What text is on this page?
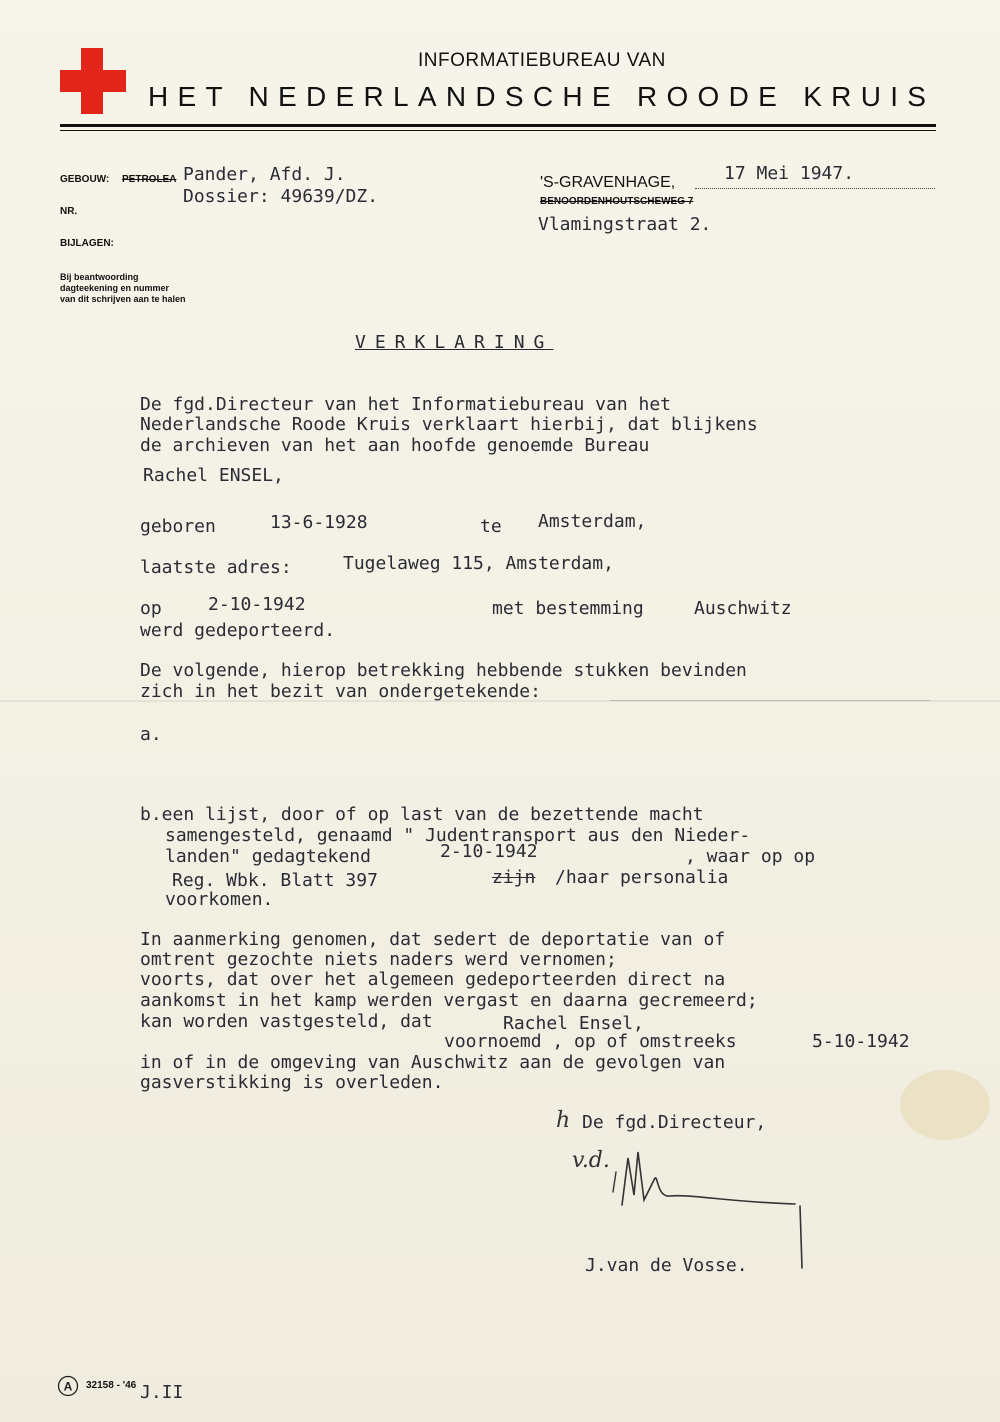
INFORMATIEBUREAU VAN
HET NEDERLANDSCHE ROODE KRUIS
GEBOUW: PETROLEA Pander, Afd. J.
Dossier: 49639/DZ.
NR.
BIJLAGEN:
Bij beantwoording
dagteekening en nummer
van dit schrijven aan te halen
'S-GRAVENHAGE,	17 Mei 1947.
BENOORDENHOUTSCHEWEG 7
Vlamingstraat 2.
VERKLARING
De fgd.Directeur van het Informatiebureau van het
Nederlandsche Roode Kruis verklaart hierbij, dat blijkens
de archieven van het aan hoofde genoemde Bureau
Rachel ENSEL,
geboren	13-6-1928	te Amsterdam,
laatste adres:	Tugelaweg 115, Amsterdam,
op	2-10-1942	met bestemming	Auschwitz
werd gedeporteerd.
De volgende, hierop betrekking hebbende stukken bevinden
zich in het bezit van ondergetekende:
a.
b.een lijst, door of op last van de bezettende macht
samengesteld, genaamd " Judentransport aus den Nieder-
landen" gedagtekend	2-10-1942	, waar op op
Reg. Wbk. Blatt 397	zijn /haar personalia
voorkomen.
In aanmerking genomen, dat sedert de deportatie van of
omtrent gezochte niets naders werd vernomen;
voorts, dat over het algemeen gedeporteerden direct na
aankomst in het kamp werden vergast en daarna gecremeerd;
kan worden vastgesteld, dat	Rachel Ensel,
voornoemd , op of omstreeks	5-10-1942
in of in de omgeving van Auschwitz aan de gevolgen van
gasverstikking is overleden.
h De fgd.Directeur,
v.d.
J.van de Vosse.
A 32158 - '46 J.II
